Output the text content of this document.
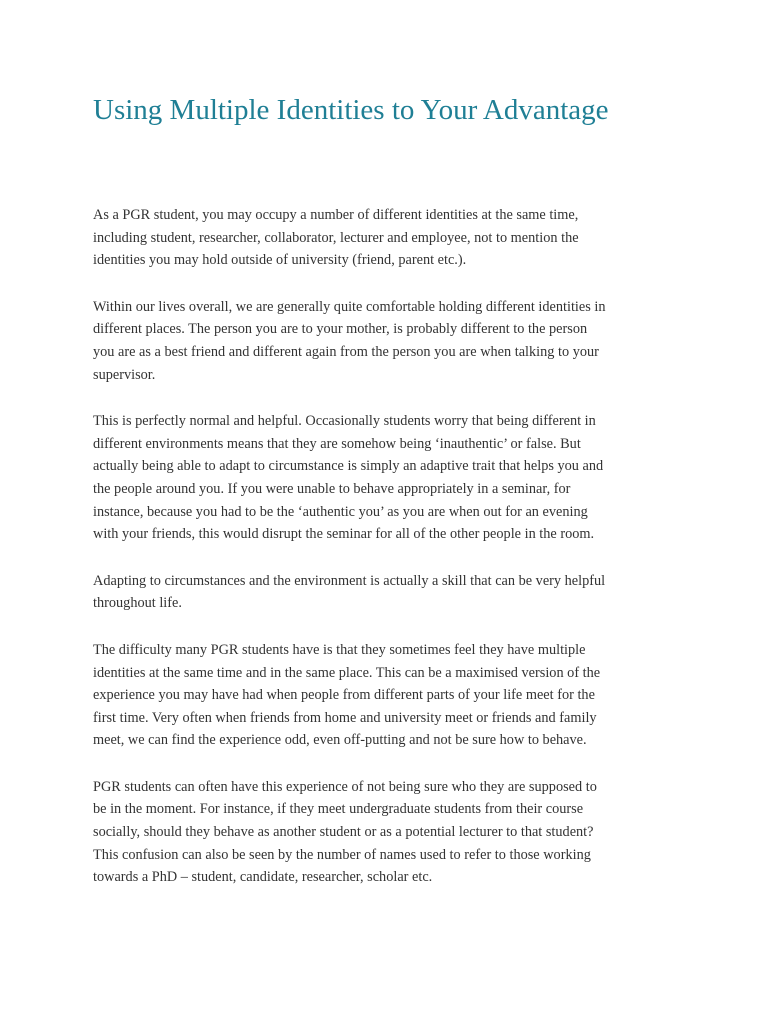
Using Multiple Identities to Your Advantage

As a PGR student, you may occupy a number of different identities at the same time,
including student, researcher, collaborator, lecturer and employee, not to mention the
identities you may hold outside of university (friend, parent etc.).

Within our lives overall, we are generally quite comfortable holding different identities in
different places. The person you are to your mother, is probably different to the person
you are as a best friend and different again from the person you are when talking to your
supervisor.

This is perfectly normal and helpful. Occasionally students worry that being different in
different environments means that they are somehow being ‘inauthentic’ or false. But
actually being able to adapt to circumstance is simply an adaptive trait that helps you and
the people around you. If you were unable to behave appropriately in a seminar, for
instance, because you had to be the ‘authentic you’ as you are when out for an evening
with your friends, this would disrupt the seminar for all of the other people in the room.

Adapting to circumstances and the environment is actually a skill that can be very helpful
throughout life.

The difficulty many PGR students have is that they sometimes feel they have multiple
identities at the same time and in the same place. This can be a maximised version of the
experience you may have had when people from different parts of your life meet for the
first time. Very often when friends from home and university meet or friends and family
meet, we can find the experience odd, even off-putting and not be sure how to behave.

PGR students can often have this experience of not being sure who they are supposed to
be in the moment. For instance, if they meet undergraduate students from their course
socially, should they behave as another student or as a potential lecturer to that student?
This confusion can also be seen by the number of names used to refer to those working
towards a PhD – student, candidate, researcher, scholar etc.
